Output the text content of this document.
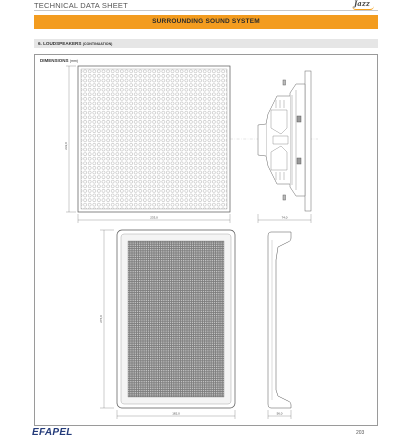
TECHNICAL DATA SHEET	Jazz
SURROUNDING SOUND SYSTEM
6. LOUDSPEAKERS (CONTINUATION)
DIMENSIONS (mm)
233,0
233,0	74,0
276,0
182,0	56,0
EFAPEL	203
